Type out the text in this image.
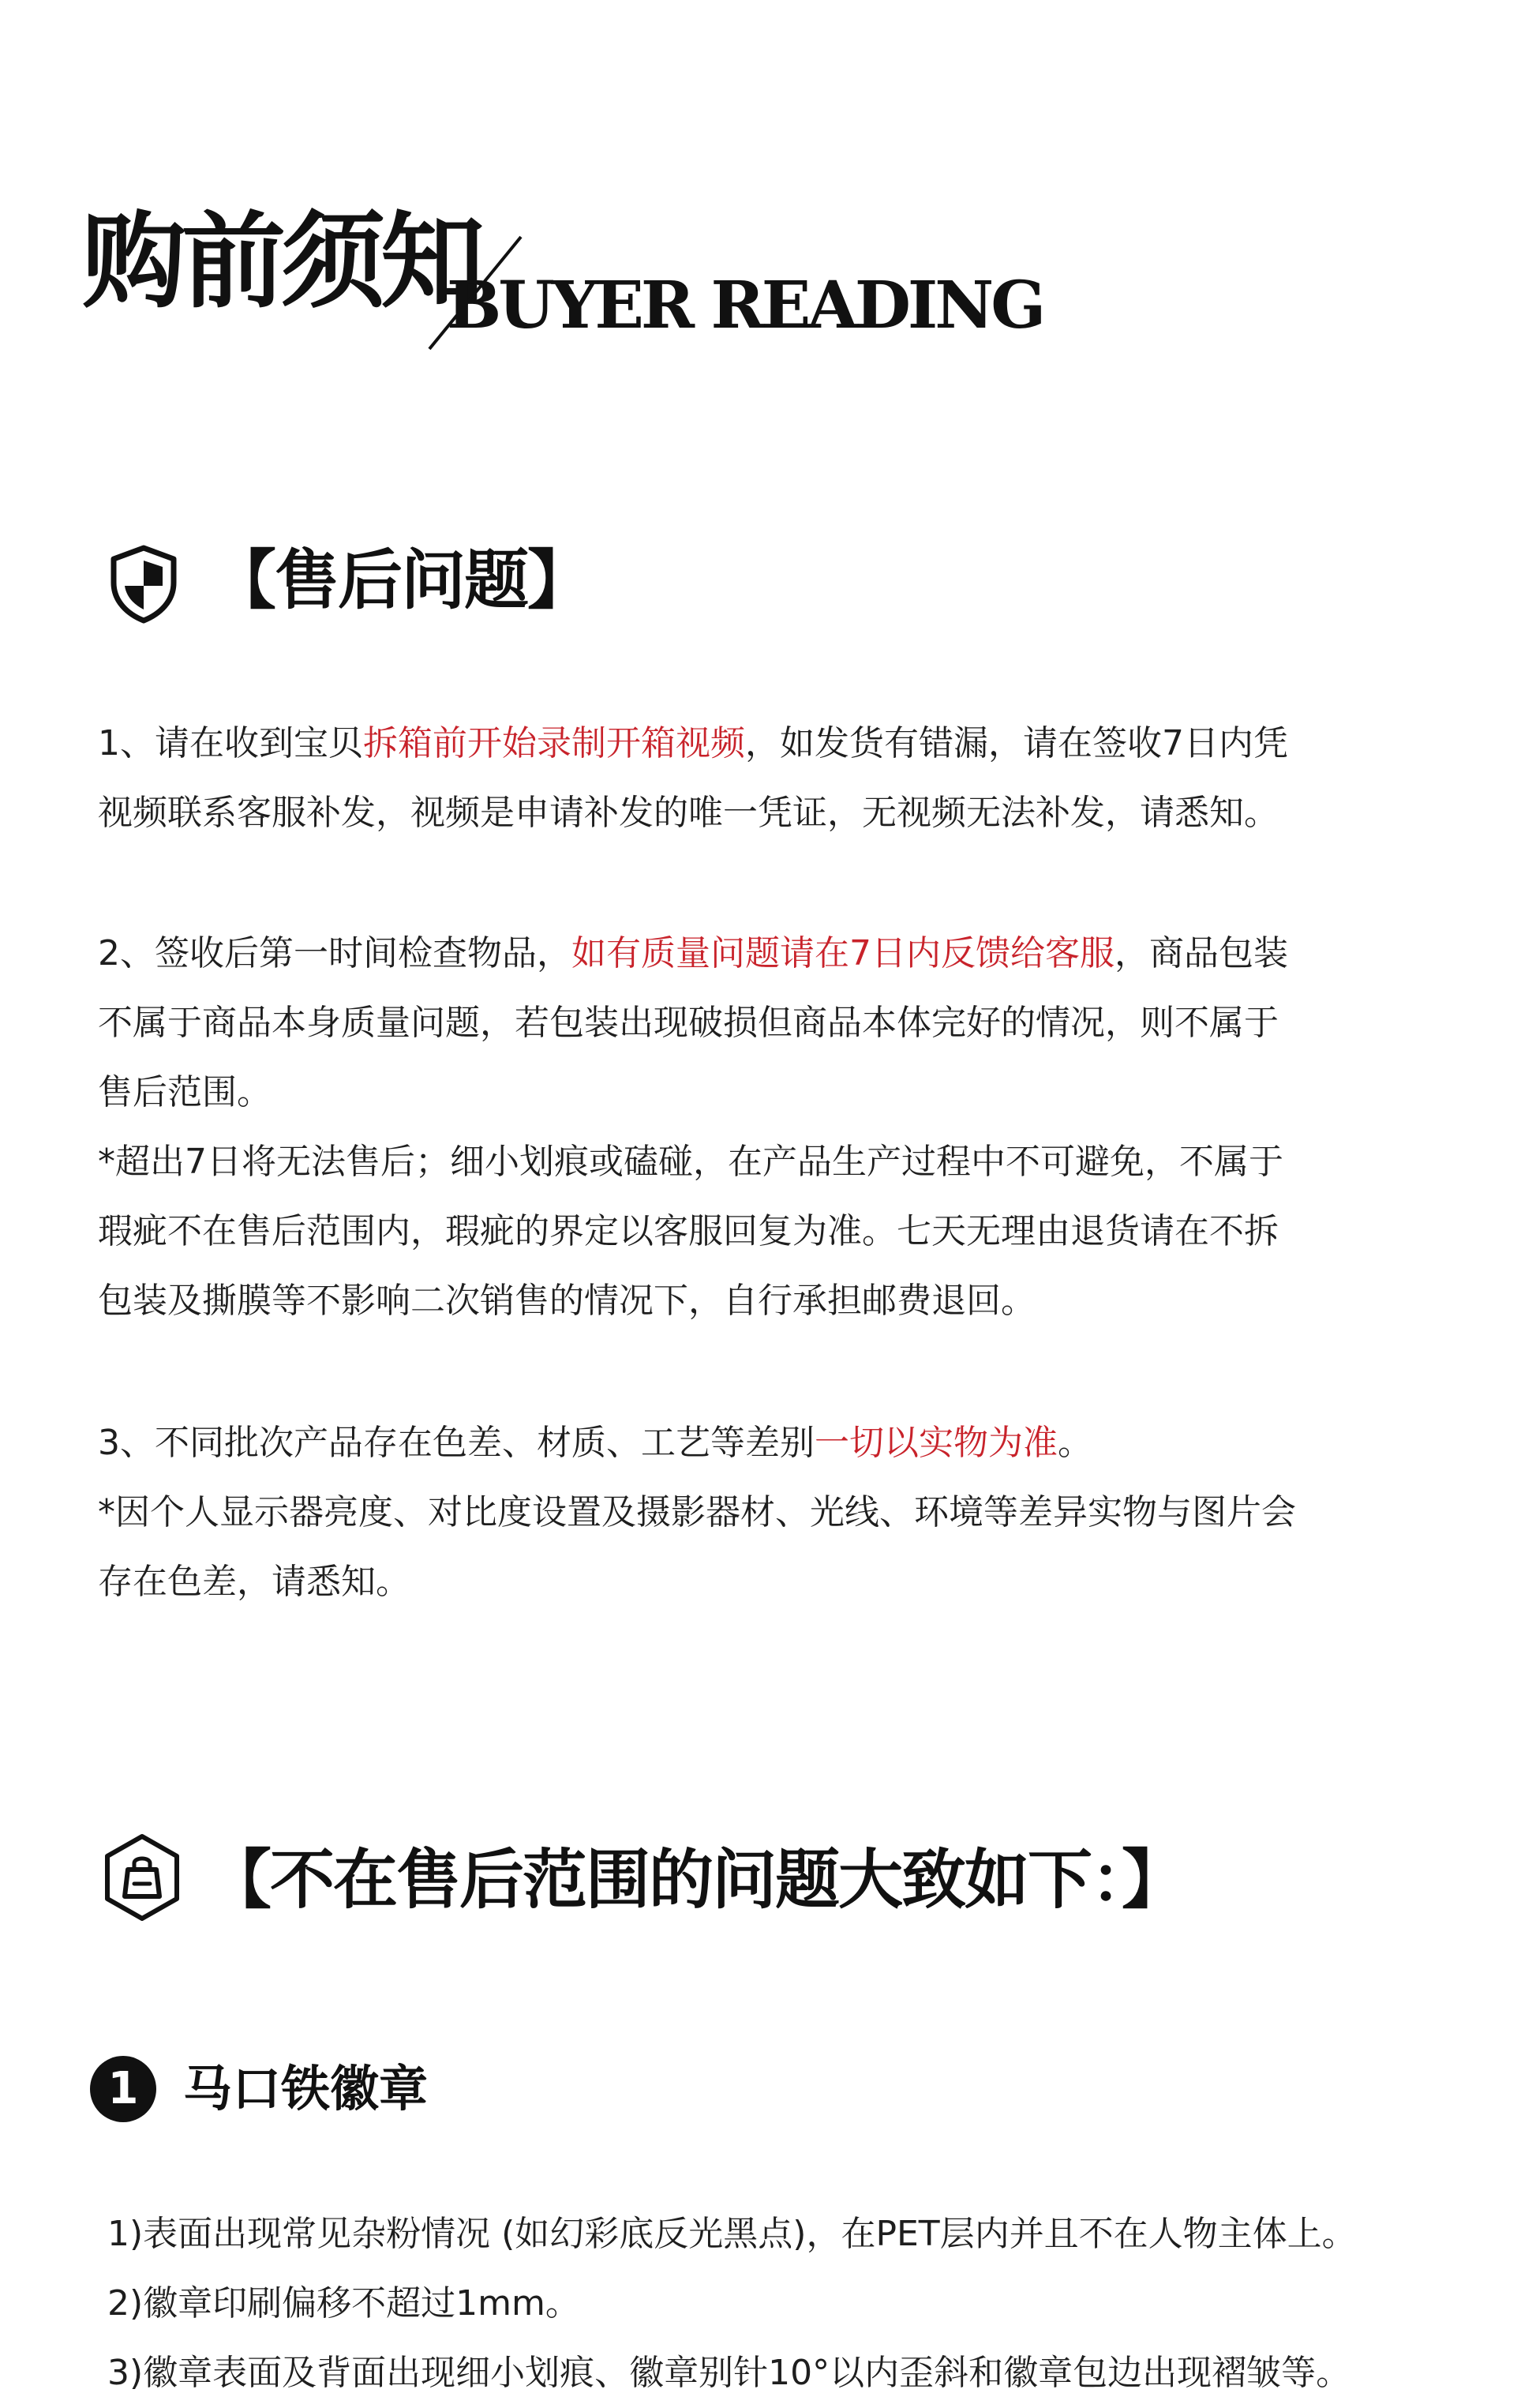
购前须知
BUYER READING
【售后问题】

1、请在收到宝贝拆箱前开始录制开箱视频，如发货有错漏，请在签收7日内凭

视频联系客服补发，视频是申请补发的唯一凭证，无视频无法补发，请悉知。

2、签收后第一时间检查物品，如有质量问题请在7日内反馈给客服，商品包装

不属于商品本身质量问题，若包装出现破损但商品本体完好的情况，则不属于

售后范围。

*超出7日将无法售后；细小划痕或磕碰，在产品生产过程中不可避免，不属于

瑕疵不在售后范围内，瑕疵的界定以客服回复为准。七天无理由退货请在不拆

包装及撕膜等不影响二次销售的情况下，自行承担邮费退回。

3、不同批次产品存在色差、材质、工艺等差别一切以实物为准。

*因个人显示器亮度、对比度设置及摄影器材、光线、环境等差异实物与图片会

存在色差，请悉知。

【不在售后范围的问题大致如下：】
1 马口铁徽章

1)表面出现常见杂粉情况 (如幻彩底反光黑点)，在PET层内并且不在人物主体上。

2)徽章印刷偏移不超过1mm。

3)徽章表面及背面出现细小划痕、徽章别针10°以内歪斜和徽章包边出现褶皱等。
